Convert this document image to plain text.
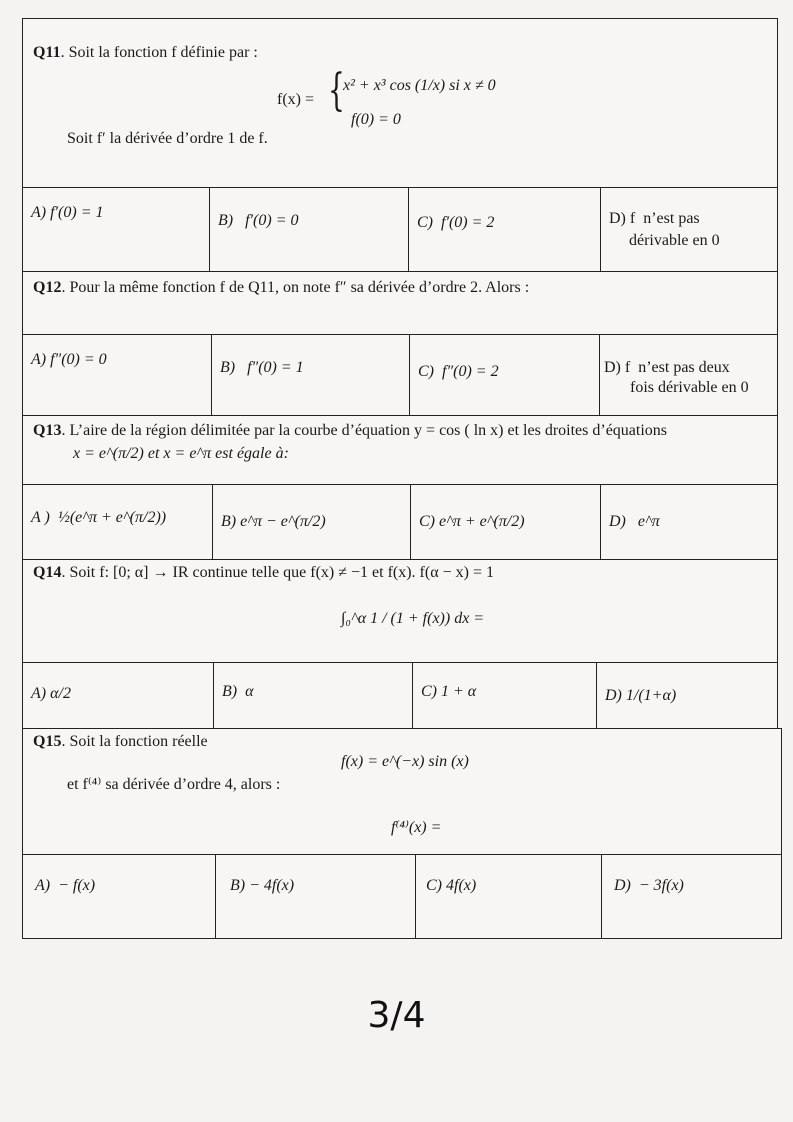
Q11. Soit la fonction f définie par :
f(x) = {
x² + x³ cos (1/x) si x ≠ 0
f(0) = 0
Soit f′ la dérivée d’ordre 1 de f.
A) f′(0) = 1	B)   f′(0) = 0	C)  f′(0) = 2	D) f  n’est pas
dérivable en 0
Q12. Pour la même fonction f de Q11, on note f″ sa dérivée d’ordre 2. Alors :
A) f″(0) = 0	B)   f″(0) = 1	C)  f″(0) = 2	D) f  n’est pas deux
fois dérivable en 0
Q13. L’aire de la région délimitée par la courbe d’équation y = cos ( ln x) et les droites d’équations
x = e^(π/2) et x = e^π est égale à:
A )  ½(e^π + e^(π/2))	B) e^π − e^(π/2)	C) e^π + e^(π/2)	D)   e^π
Q14. Soit f: [0; α] → IR continue telle que f(x) ≠ −1 et f(x). f(α − x) = 1
∫₀^α 1 / (1 + f(x)) dx =
A) α/2	B)  α	C) 1 + α	D) 1/(1+α)
Q15. Soit la fonction réelle
f(x) = e^(−x) sin (x)
et f⁽⁴⁾ sa dérivée d’ordre 4, alors :
f⁽⁴⁾(x) =
A)  − f(x)	B) − 4f(x)	C) 4f(x)	D)  − 3f(x)
3/4
